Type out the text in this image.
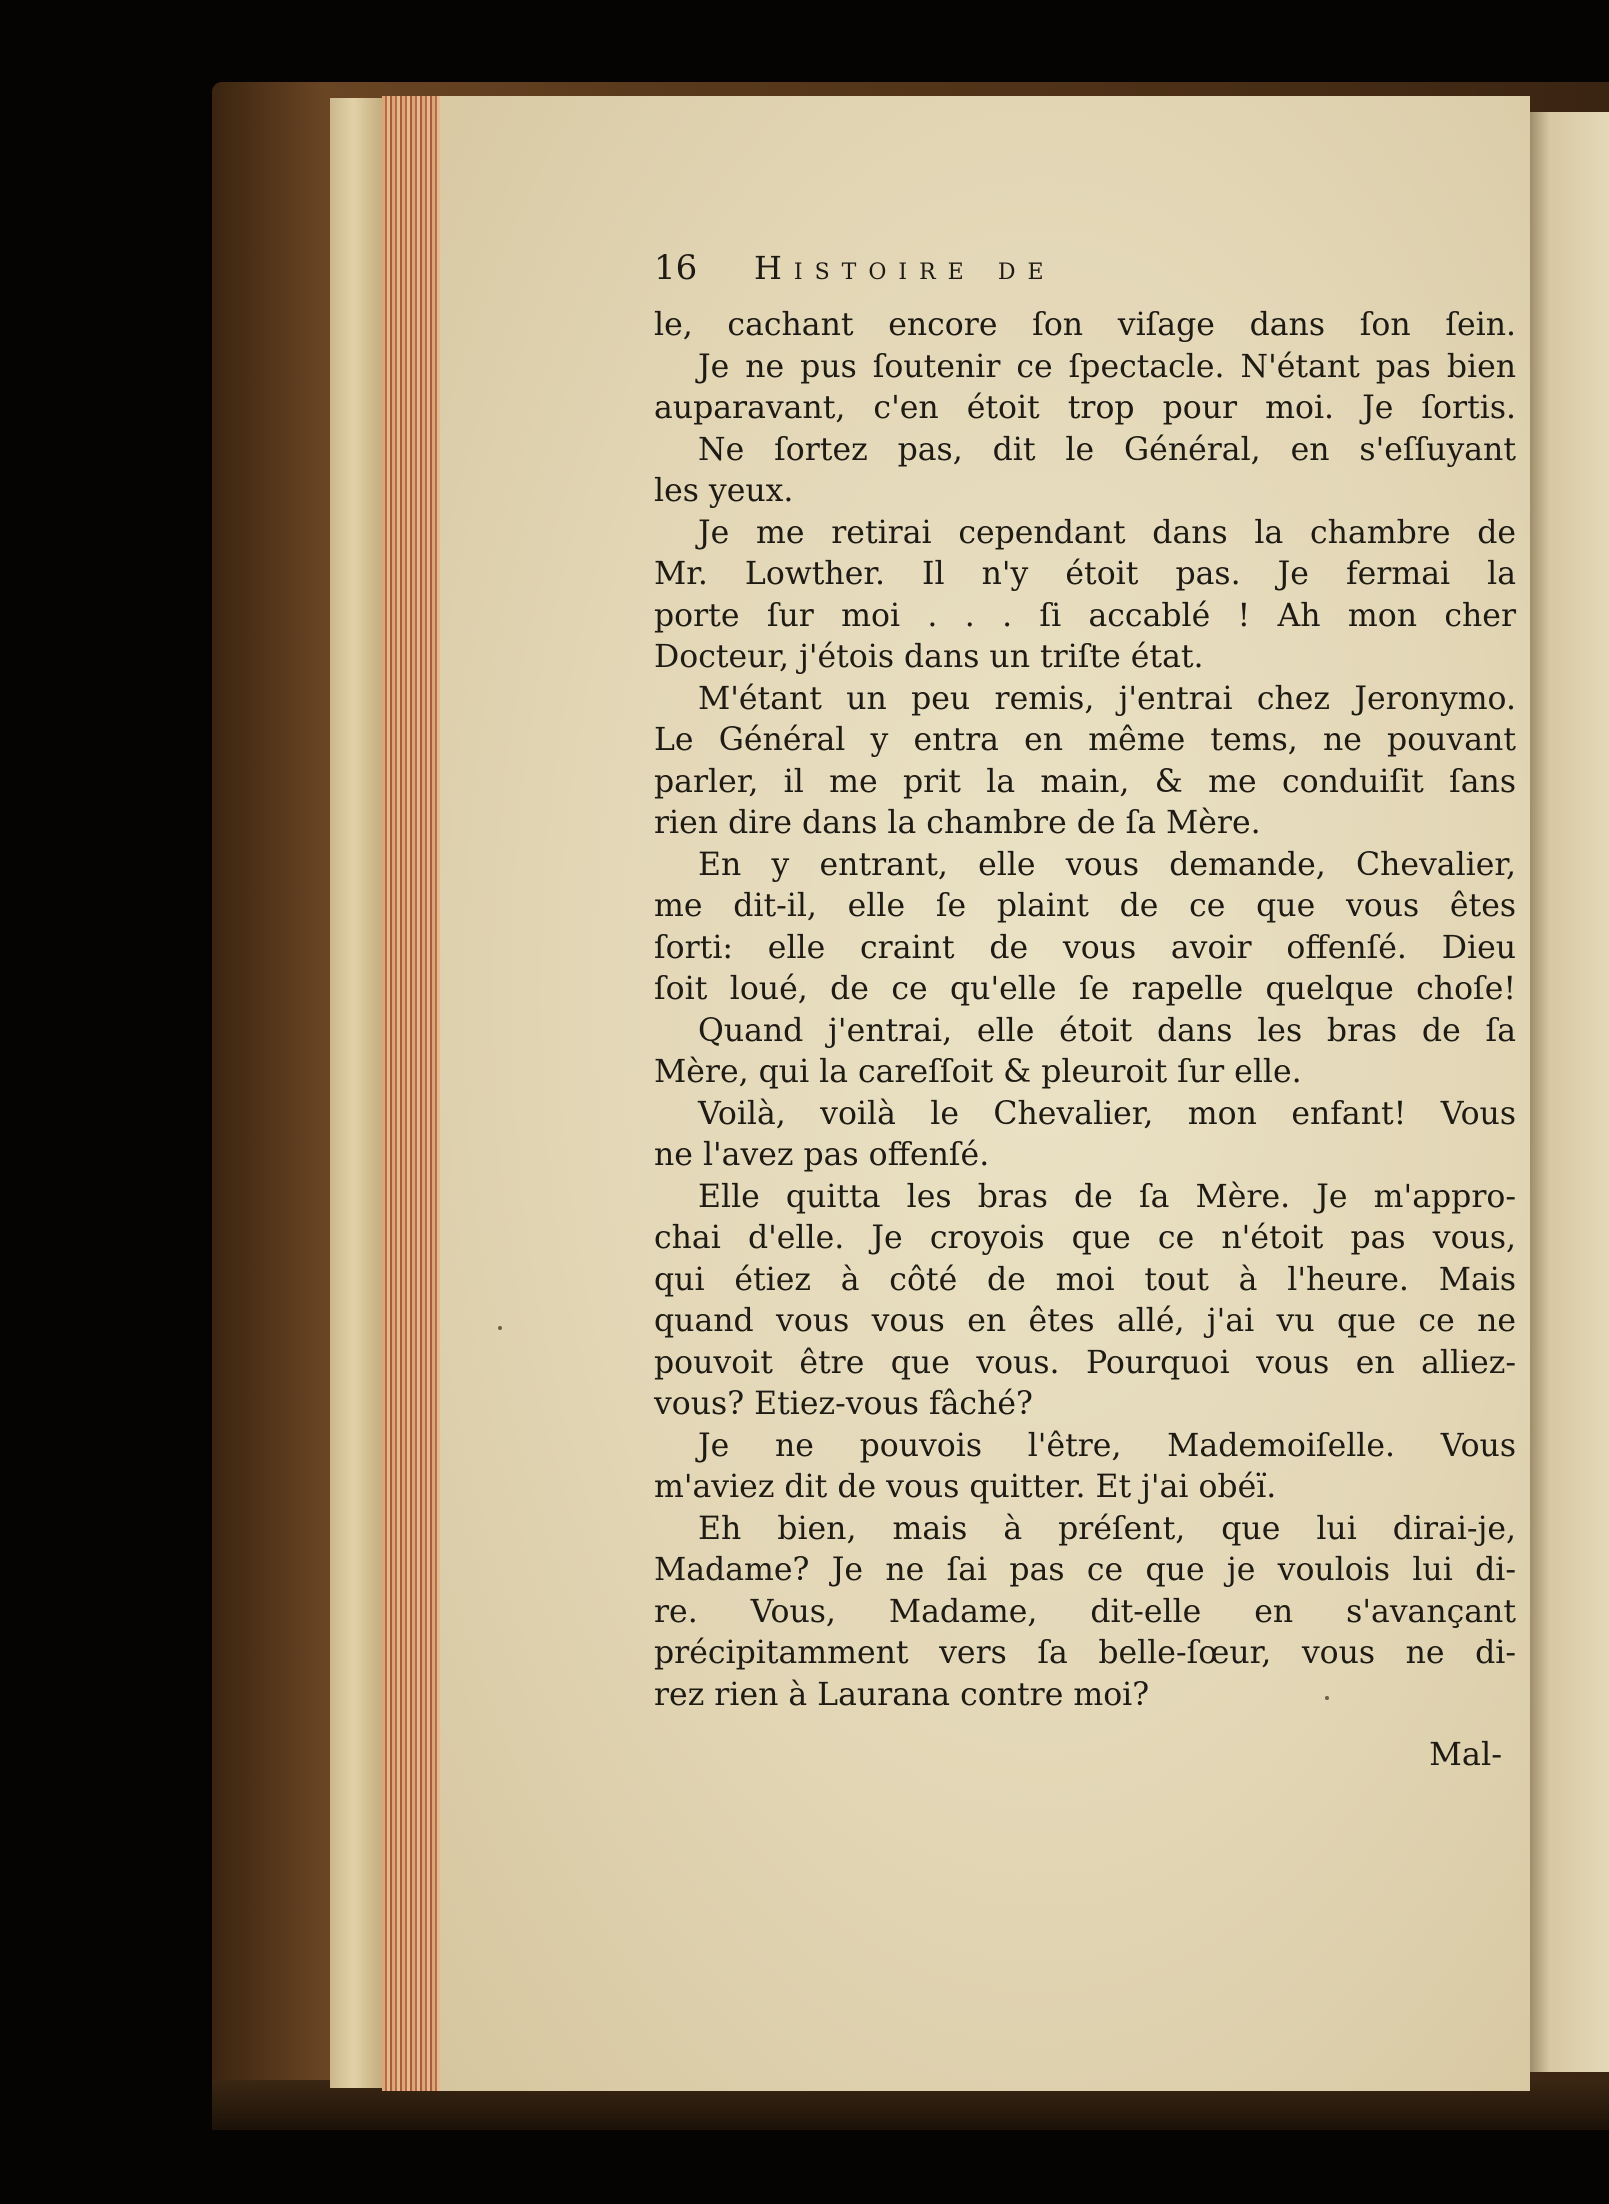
16 Histoire de
le, cachant encore ſon viſage dans ſon ſein.
Je ne pus ſoutenir ce ſpectacle. N'étant pas bien
auparavant, c'en étoit trop pour moi. Je ſortis.
Ne ſortez pas, dit le Général, en s'eſſuyant
les yeux.
Je me retirai cependant dans la chambre de
Mr. Lowther. Il n'y étoit pas. Je fermai la
porte ſur moi . . . ſi accablé ! Ah mon cher
Docteur, j'étois dans un triſte état.
M'étant un peu remis, j'entrai chez Jeronymo.
Le Général y entra en même tems, ne pouvant
parler, il me prit la main, & me conduiſit ſans
rien dire dans la chambre de ſa Mère.
En y entrant, elle vous demande, Chevalier,
me dit-il, elle ſe plaint de ce que vous êtes
ſorti: elle craint de vous avoir offenſé. Dieu
ſoit loué, de ce qu'elle ſe rapelle quelque choſe!
Quand j'entrai, elle étoit dans les bras de ſa
Mère, qui la careſſoit & pleuroit ſur elle.
Voilà, voilà le Chevalier, mon enfant! Vous
ne l'avez pas offenſé.
Elle quitta les bras de ſa Mère. Je m'appro-
chai d'elle. Je croyois que ce n'étoit pas vous,
qui étiez à côté de moi tout à l'heure. Mais
quand vous vous en êtes allé, j'ai vu que ce ne
pouvoit être que vous. Pourquoi vous en alliez-
vous? Etiez-vous fâché?
Je ne pouvois l'être, Mademoiſelle. Vous
m'aviez dit de vous quitter. Et j'ai obéï.
Eh bien, mais à préſent, que lui dirai-je,
Madame? Je ne ſai pas ce que je voulois lui di-
re. Vous, Madame, dit-elle en s'avançant
précipitamment vers ſa belle-ſœur, vous ne di-
rez rien à Laurana contre moi?
Mal-
